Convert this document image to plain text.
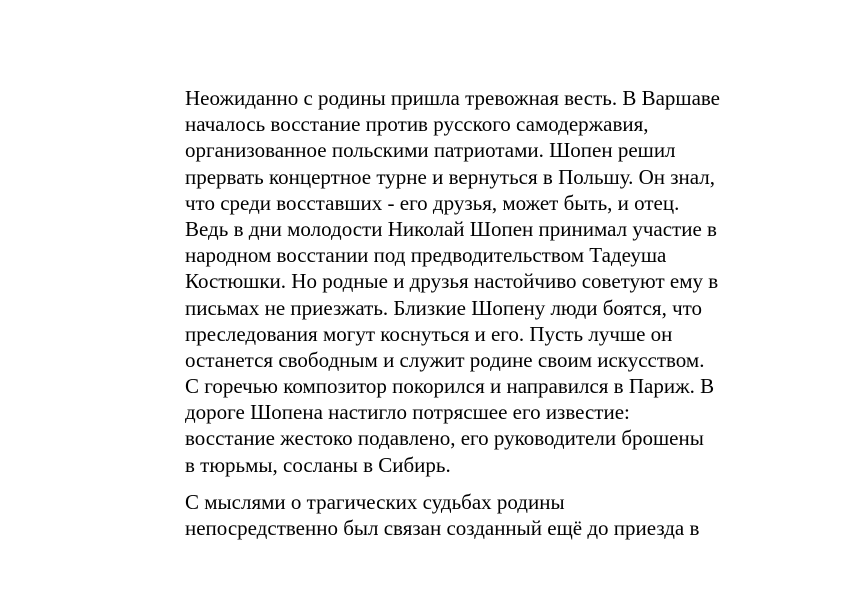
Неожиданно с родины пришла тревожная весть. В Варшаве
началось восстание против русского самодержавия,
организованное польскими патриотами. Шопен решил
прервать концертное турне и вернуться в Польшу. Он знал,
что среди восставших - его друзья, может быть, и отец.
Ведь в дни молодости Николай Шопен принимал участие в
народном восстании под предводительством Тадеуша
Костюшки. Но родные и друзья настойчиво советуют ему в
письмах не приезжать. Близкие Шопену люди боятся, что
преследования могут коснуться и его. Пусть лучше он
останется свободным и служит родине своим искусством.
С горечью композитор покорился и направился в Париж. В
дороге Шопена настигло потрясшее его известие:
восстание жестоко подавлено, его руководители брошены
в тюрьмы, сосланы в Сибирь.
С мыслями о трагических судьбах родины
непосредственно был связан созданный ещё до приезда в
